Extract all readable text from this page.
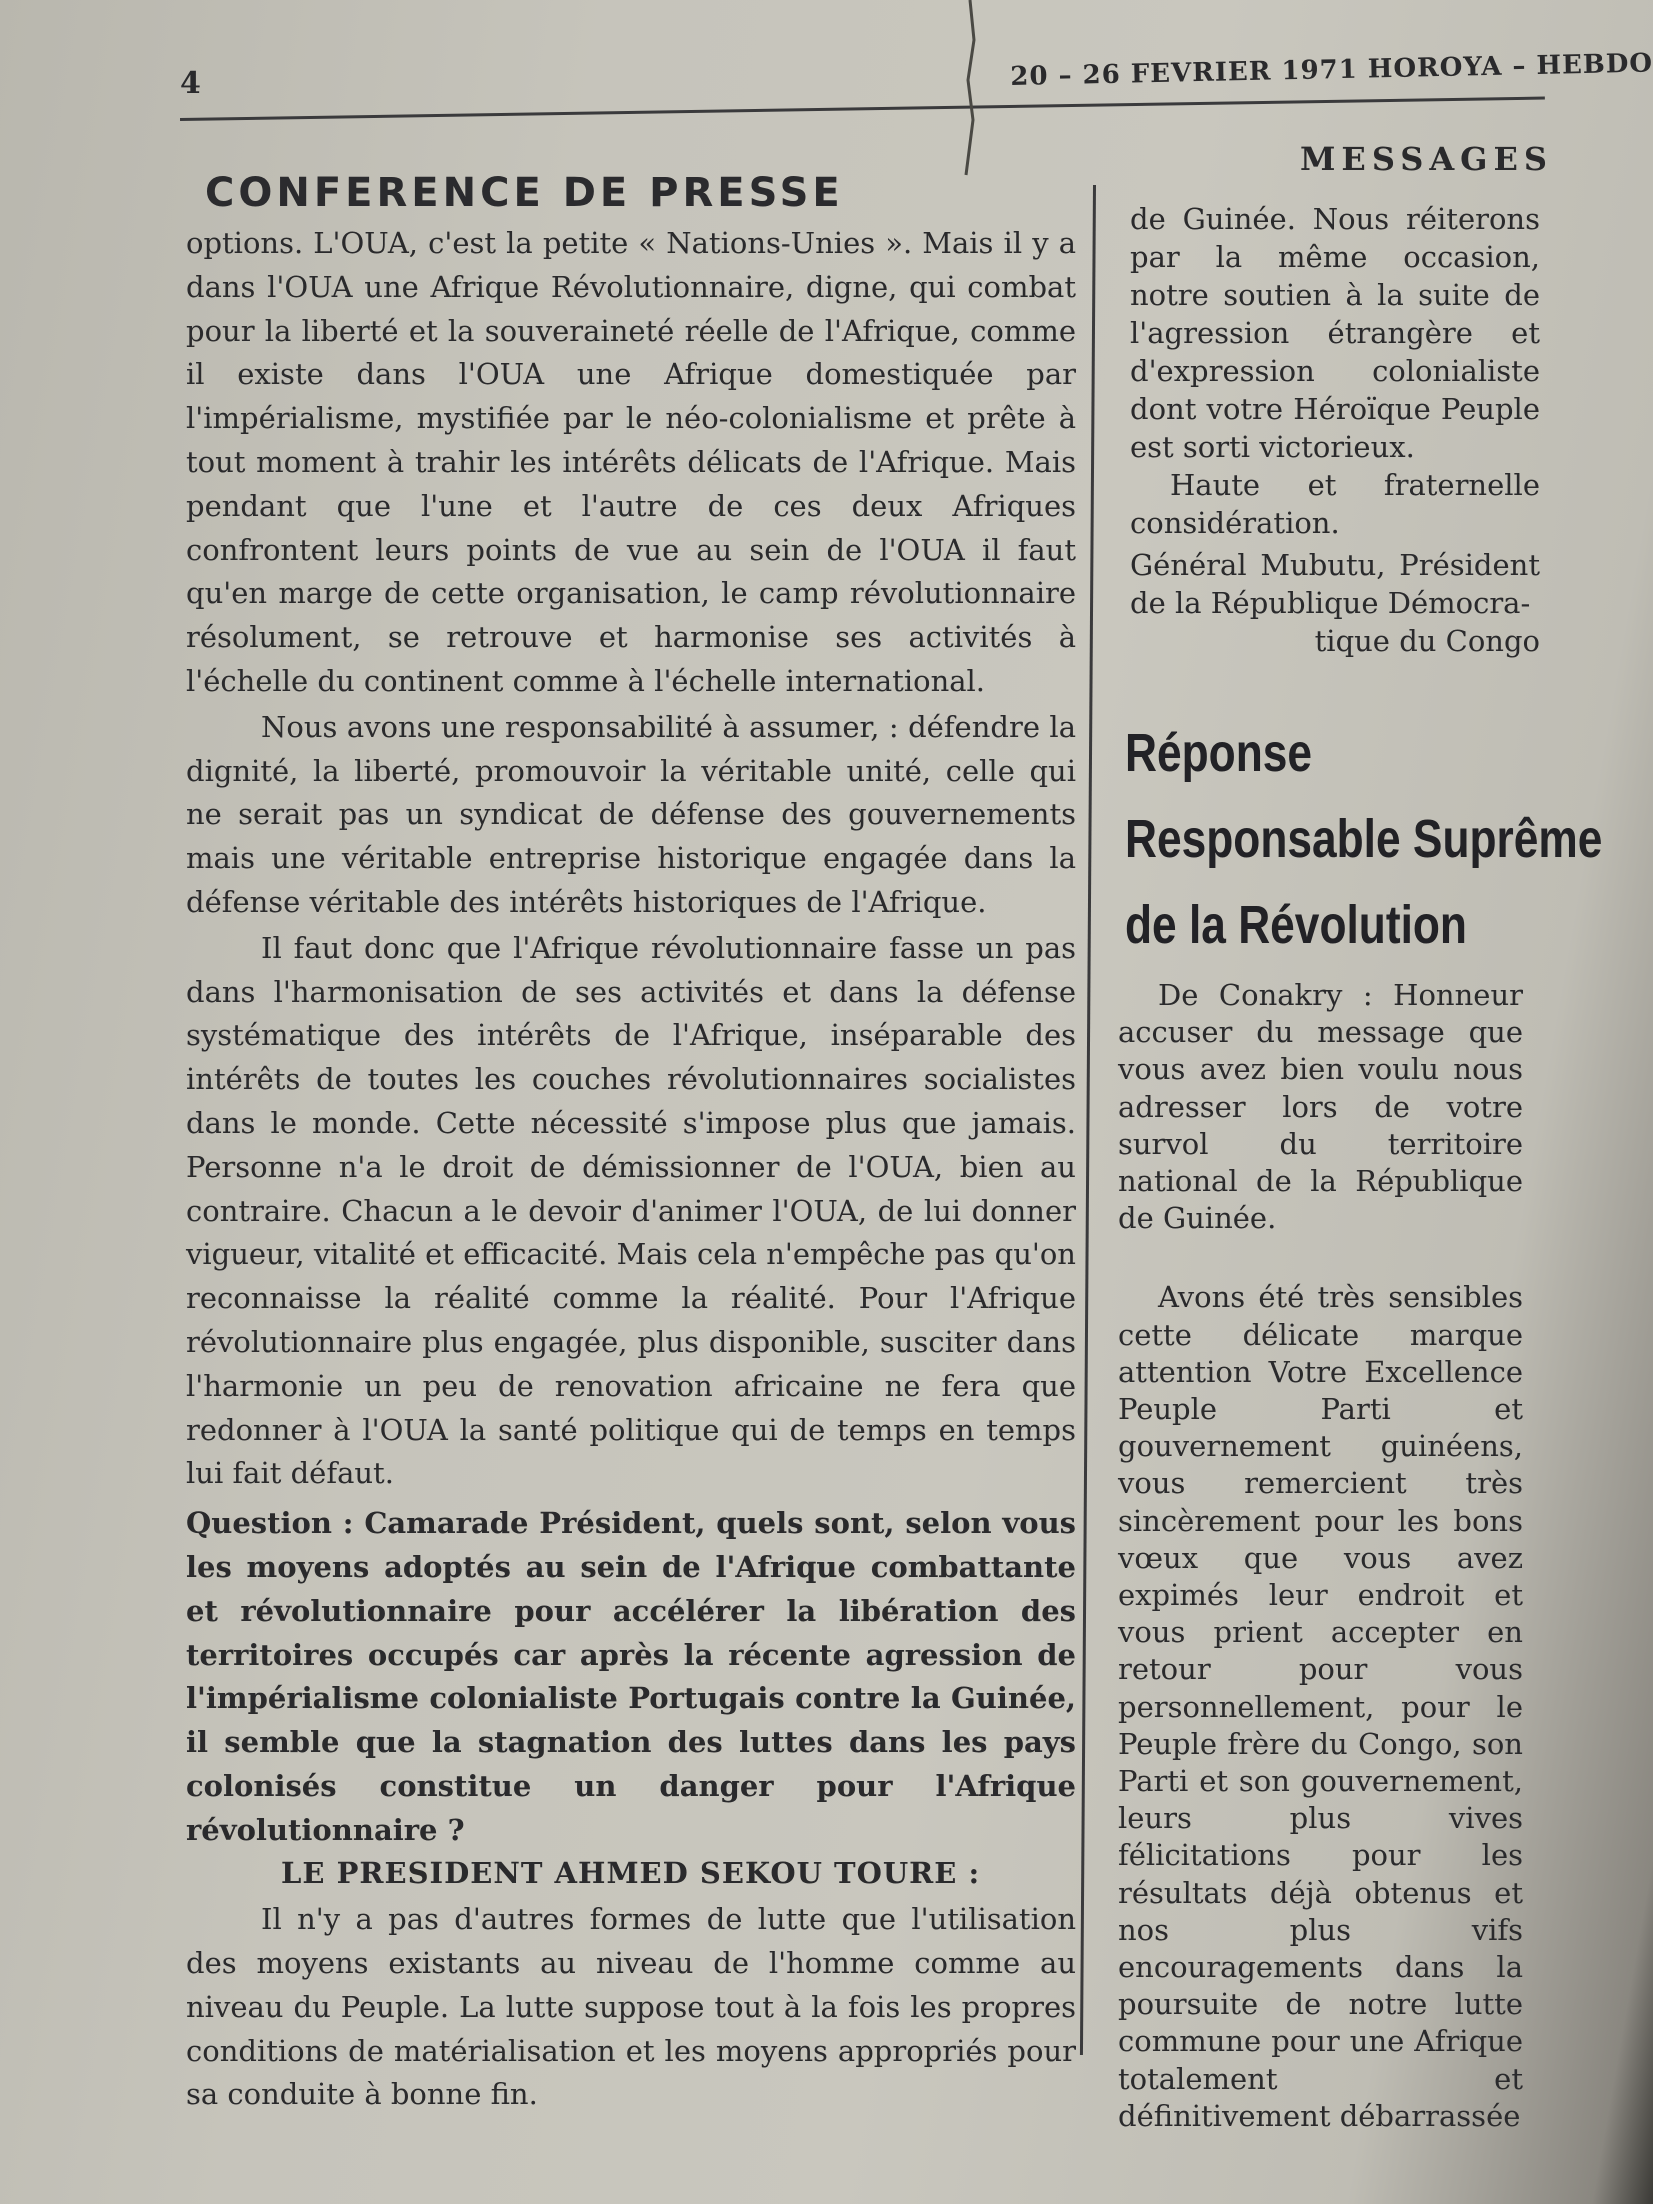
4	20 – 26 FEVRIER 1971 HOROYA – HEBDO
CONFERENCE DE PRESSE
MESSAGES

options. L'OUA, c'est la petite « Nations-Unies ». Mais il y a dans l'OUA une Afrique Révolutionnaire, digne, qui combat pour la liberté et la souveraineté réelle de l'Afrique, comme il existe dans l'OUA une Afrique domestiquée par l'impérialisme, mystifiée par le néo-colonialisme et prête à tout moment à trahir les intérêts délicats de l'Afrique. Mais pendant que l'une et l'autre de ces deux Afriques confrontent leurs points de vue au sein de l'OUA il faut qu'en marge de cette organisation, le camp révolutionnaire résolument, se retrouve et harmonise ses activités à l'échelle du continent comme à l'échelle international.

Nous avons une responsabilité à assumer, : défendre la dignité, la liberté, promouvoir la véritable unité, celle qui ne serait pas un syndicat de défense des gouvernements mais une véritable entreprise historique engagée dans la défense véritable des intérêts historiques de l'Afrique.

Il faut donc que l'Afrique révolutionnaire fasse un pas dans l'harmonisation de ses activités et dans la défense systématique des intérêts de l'Afrique, inséparable des intérêts de toutes les couches révolutionnaires socialistes dans le monde. Cette nécessité s'impose plus que jamais. Personne n'a le droit de démissionner de l'OUA, bien au contraire. Chacun a le devoir d'animer l'OUA, de lui donner vigueur, vitalité et efficacité. Mais cela n'empêche pas qu'on reconnaisse la réalité comme la réalité. Pour l'Afrique révolutionnaire plus engagée, plus disponible, susciter dans l'harmonie un peu de renovation africaine ne fera que redonner à l'OUA la santé politique qui de temps en temps lui fait défaut.

Question : Camarade Président, quels sont, selon vous les moyens adoptés au sein de l'Afrique combattante et révolutionnaire pour accélérer la libération des territoires occupés car après la récente agression de l'impérialisme colonialiste Portugais contre la Guinée, il semble que la stagnation des luttes dans les pays colonisés constitue un danger pour l'Afrique révolutionnaire ?

LE PRESIDENT AHMED SEKOU TOURE :

Il n'y a pas d'autres formes de lutte que l'utilisation des moyens existants au niveau de l'homme comme au niveau du Peuple. La lutte suppose tout à la fois les propres conditions de matérialisation et les moyens appropriés pour sa conduite à bonne fin.

de Guinée. Nous réiterons par la même occasion, notre soutien à la suite de l'agression étrangère et d'expression colonialiste dont votre Héroïque Peuple est sorti victorieux.

Haute et fraternelle considération.

Général Mubutu, Président de la République Démocra-

tique du Congo

Réponse
Responsable Suprême
de la Révolution

De Conakry : Honneur accuser du message que vous avez bien voulu nous adresser lors de votre survol du territoire national de la République de Guinée.

Avons été très sensibles cette délicate marque attention Votre Excellence Peuple Parti et gouvernement guinéens, vous remercient très sincèrement pour les bons vœux que vous avez expimés leur endroit et vous prient accepter en retour pour vous personnellement, pour le Peuple frère du Congo, son Parti et son gouvernement, leurs plus vives félicitations pour les résultats déjà obtenus et nos plus vifs encouragements dans la poursuite de notre lutte commune pour une Afrique totalement et définitivement débarrassée
